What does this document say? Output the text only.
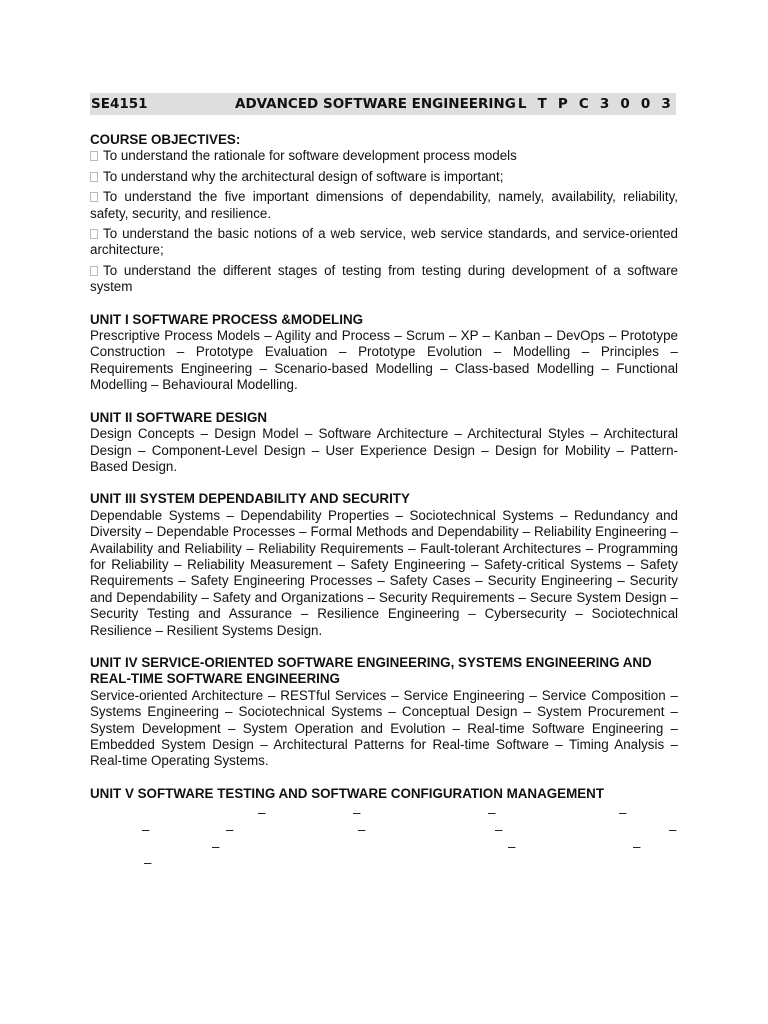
SE4151	ADVANCED SOFTWARE ENGINEERING L T P C 3 0 0 3

COURSE OBJECTIVES:

To understand the rationale for software development process models

To understand why the architectural design of software is important;

To understand the five important dimensions of dependability, namely, availability, reliability, safety, security, and resilience.

To understand the basic notions of a web service, web service standards, and service-oriented architecture;

To understand the different stages of testing from testing during development of a software system

UNIT I SOFTWARE PROCESS &MODELING

Prescriptive Process Models – Agility and Process – Scrum – XP – Kanban – DevOps – Prototype Construction – Prototype Evaluation – Prototype Evolution – Modelling – Principles – Requirements Engineering – Scenario-based Modelling – Class-based Modelling – Functional Modelling – Behavioural Modelling.

UNIT II SOFTWARE DESIGN

Design Concepts – Design Model – Software Architecture – Architectural Styles – Architectural Design – Component-Level Design – User Experience Design – Design for Mobility – Pattern-Based Design.

UNIT III SYSTEM DEPENDABILITY AND SECURITY

Dependable Systems – Dependability Properties – Sociotechnical Systems – Redundancy and Diversity – Dependable Processes – Formal Methods and Dependability – Reliability Engineering – Availability and Reliability – Reliability Requirements – Fault-tolerant Architectures – Programming for Reliability – Reliability Measurement – Safety Engineering – Safety-critical Systems – Safety Requirements – Safety Engineering Processes – Safety Cases – Security Engineering – Security and Dependability – Safety and Organizations – Security Requirements – Secure System Design – Security Testing and Assurance – Resilience Engineering – Cybersecurity – Sociotechnical Resilience – Resilient Systems Design.

UNIT IV SERVICE-ORIENTED SOFTWARE ENGINEERING, SYSTEMS ENGINEERING AND REAL-TIME SOFTWARE ENGINEERING

Service-oriented Architecture – RESTful Services – Service Engineering – Service Composition – Systems Engineering – Sociotechnical Systems – Conceptual Design – System Procurement – System Development – System Operation and Evolution – Real-time Software Engineering – Embedded System Design – Architectural Patterns for Real-time Software – Timing Analysis – Real-time Operating Systems.

UNIT V SOFTWARE TESTING AND SOFTWARE CONFIGURATION MANAGEMENT

–	–	–	–
–	–	–	–	–
–	–	–
–
